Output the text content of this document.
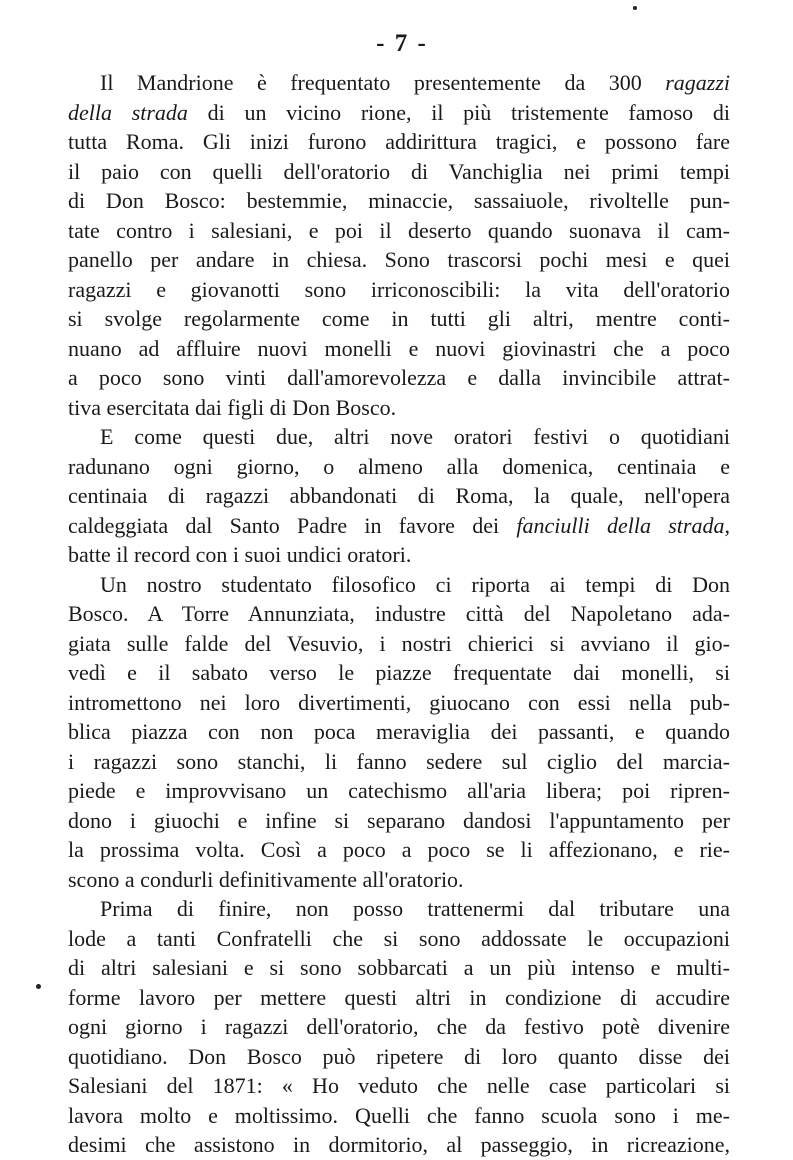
- 7 -

Il Mandrione è frequentato presentemente da 300 ragazzi
della strada di un vicino rione, il più tristemente famoso di
tutta Roma. Gli inizi furono addirittura tragici, e possono fare
il paio con quelli dell'oratorio di Vanchiglia nei primi tempi
di Don Bosco: bestemmie, minaccie, sassaiuole, rivoltelle pun-
tate contro i salesiani, e poi il deserto quando suonava il cam-
panello per andare in chiesa. Sono trascorsi pochi mesi e quei
ragazzi e giovanotti sono irriconoscibili: la vita dell'oratorio
si svolge regolarmente come in tutti gli altri, mentre conti-
nuano ad affluire nuovi monelli e nuovi giovinastri che a poco
a poco sono vinti dall'amorevolezza e dalla invincibile attrat-
tiva esercitata dai figli di Don Bosco.

E come questi due, altri nove oratori festivi o quotidiani
radunano ogni giorno, o almeno alla domenica, centinaia e
centinaia di ragazzi abbandonati di Roma, la quale, nell'opera
caldeggiata dal Santo Padre in favore dei fanciulli della strada,
batte il record con i suoi undici oratori.

Un nostro studentato filosofico ci riporta ai tempi di Don
Bosco. A Torre Annunziata, industre città del Napoletano ada-
giata sulle falde del Vesuvio, i nostri chierici si avviano il gio-
vedì e il sabato verso le piazze frequentate dai monelli, si
intromettono nei loro divertimenti, giuocano con essi nella pub-
blica piazza con non poca meraviglia dei passanti, e quando
i ragazzi sono stanchi, li fanno sedere sul ciglio del marcia-
piede e improvvisano un catechismo all'aria libera; poi ripren-
dono i giuochi e infine si separano dandosi l'appuntamento per
la prossima volta. Così a poco a poco se li affezionano, e rie-
scono a condurli definitivamente all'oratorio.

Prima di finire, non posso trattenermi dal tributare una
lode a tanti Confratelli che si sono addossate le occupazioni
di altri salesiani e si sono sobbarcati a un più intenso e multi-
forme lavoro per mettere questi altri in condizione di accudire
ogni giorno i ragazzi dell'oratorio, che da festivo potè divenire
quotidiano. Don Bosco può ripetere di loro quanto disse dei
Salesiani del 1871: « Ho veduto che nelle case particolari si
lavora molto e moltissimo. Quelli che fanno scuola sono i me-
desimi che assistono in dormitorio, al passeggio, in ricreazione,
